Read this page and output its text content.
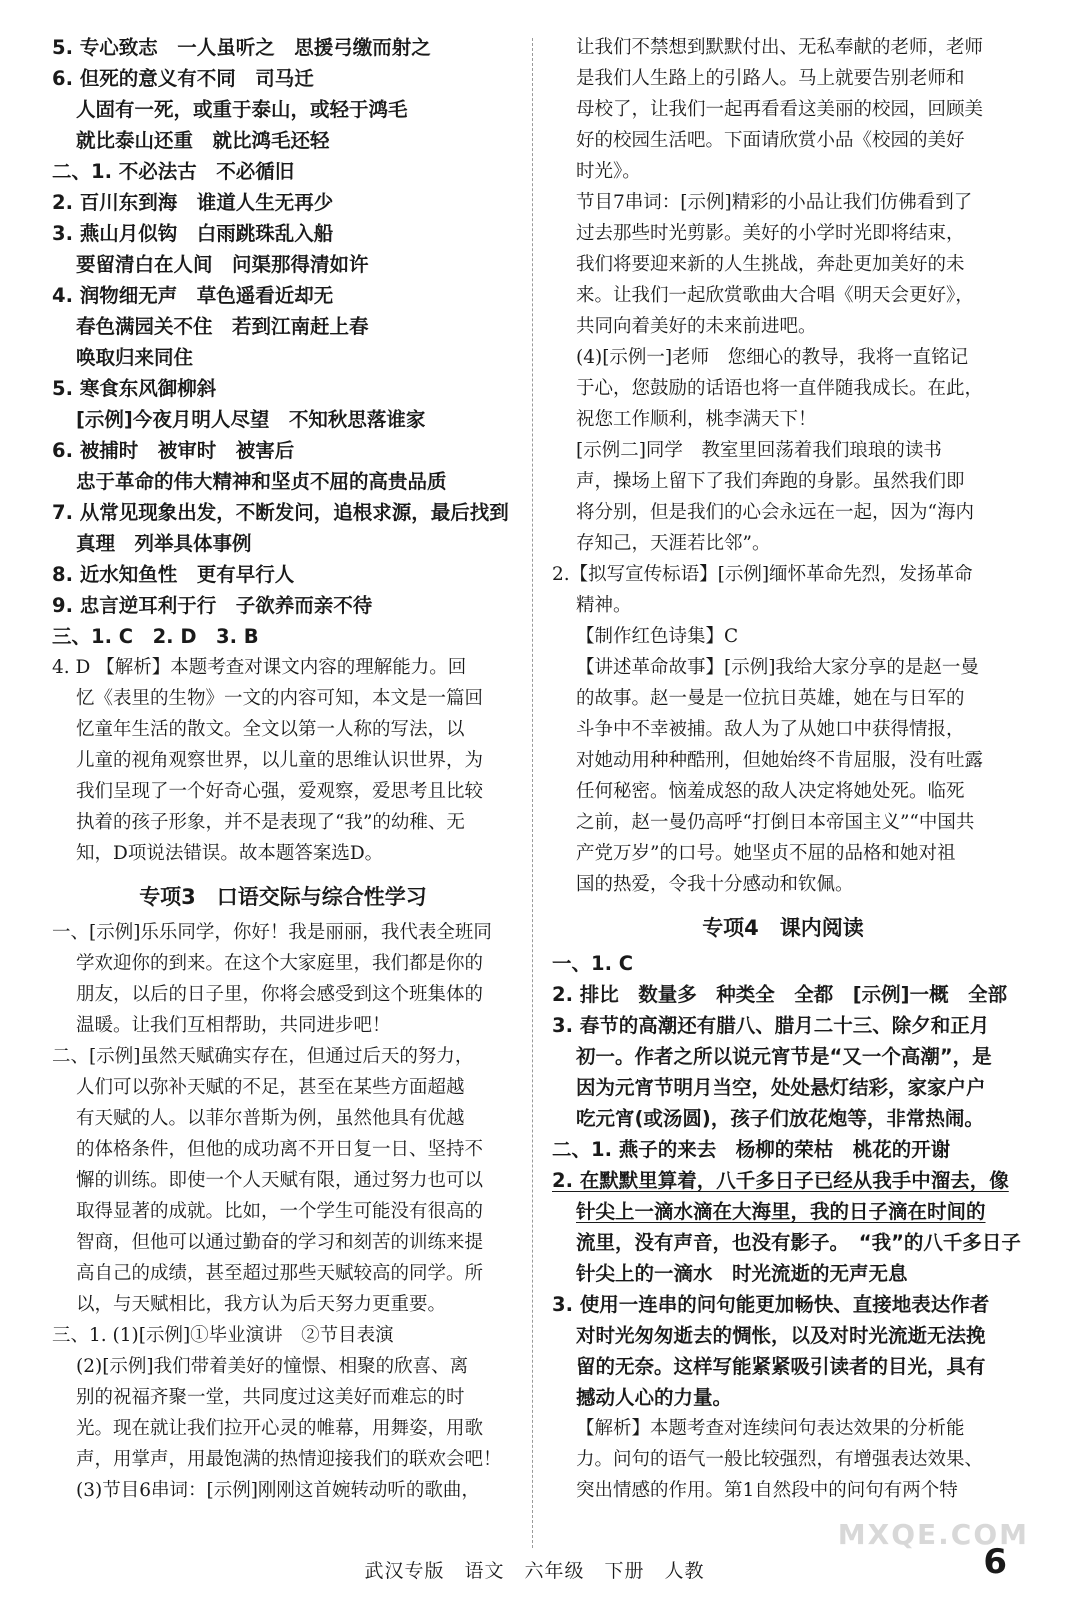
5. 专心致志　一人虽听之　思援弓缴而射之
6. 但死的意义有不同　司马迁
人固有一死，或重于泰山，或轻于鸿毛
就比泰山还重　就比鸿毛还轻
二、1. 不必法古　不必循旧
2. 百川东到海　谁道人生无再少
3. 燕山月似钩　白雨跳珠乱入船
要留清白在人间　问渠那得清如许
4. 润物细无声　草色遥看近却无
春色满园关不住　若到江南赶上春
唤取归来同住
5. 寒食东风御柳斜
[示例]今夜月明人尽望　不知秋思落谁家
6. 被捕时　被审时　被害后
忠于革命的伟大精神和坚贞不屈的高贵品质
7. 从常见现象出发，不断发问，追根求源，最后找到
真理　列举具体事例
8. 近水知鱼性　更有早行人
9. 忠言逆耳利于行　子欲养而亲不待
三、1. C　2. D　3. B
4. D 【解析】本题考查对课文内容的理解能力。回
忆《表里的生物》一文的内容可知，本文是一篇回
忆童年生活的散文。全文以第一人称的写法，以
儿童的视角观察世界，以儿童的思维认识世界，为
我们呈现了一个好奇心强，爱观察，爱思考且比较
执着的孩子形象，并不是表现了“我”的幼稚、无
知，D项说法错误。故本题答案选D。
专项3　口语交际与综合性学习
一、[示例]乐乐同学，你好！我是丽丽，我代表全班同
学欢迎你的到来。在这个大家庭里，我们都是你的
朋友，以后的日子里，你将会感受到这个班集体的
温暖。让我们互相帮助，共同进步吧！
二、[示例]虽然天赋确实存在，但通过后天的努力，
人们可以弥补天赋的不足，甚至在某些方面超越
有天赋的人。以菲尔普斯为例，虽然他具有优越
的体格条件，但他的成功离不开日复一日、坚持不
懈的训练。即使一个人天赋有限，通过努力也可以
取得显著的成就。比如，一个学生可能没有很高的
智商，但他可以通过勤奋的学习和刻苦的训练来提
高自己的成绩，甚至超过那些天赋较高的同学。所
以，与天赋相比，我方认为后天努力更重要。
三、1. (1)[示例]①毕业演讲　②节目表演
(2)[示例]我们带着美好的憧憬、相聚的欣喜、离
别的祝福齐聚一堂，共同度过这美好而难忘的时
光。现在就让我们拉开心灵的帷幕，用舞姿，用歌
声，用掌声，用最饱满的热情迎接我们的联欢会吧！
(3)节目6串词：[示例]刚刚这首婉转动听的歌曲，
让我们不禁想到默默付出、无私奉献的老师，老师
是我们人生路上的引路人。马上就要告别老师和
母校了，让我们一起再看看这美丽的校园，回顾美
好的校园生活吧。下面请欣赏小品《校园的美好
时光》。
节目7串词：[示例]精彩的小品让我们仿佛看到了
过去那些时光剪影。美好的小学时光即将结束，
我们将要迎来新的人生挑战，奔赴更加美好的未
来。让我们一起欣赏歌曲大合唱《明天会更好》，
共同向着美好的未来前进吧。
(4)[示例一]老师　您细心的教导，我将一直铭记
于心，您鼓励的话语也将一直伴随我成长。在此，
祝您工作顺利，桃李满天下！
[示例二]同学　教室里回荡着我们琅琅的读书
声，操场上留下了我们奔跑的身影。虽然我们即
将分别，但是我们的心会永远在一起，因为“海内
存知己，天涯若比邻”。
2.【拟写宣传标语】[示例]缅怀革命先烈，发扬革命
精神。
【制作红色诗集】C
【讲述革命故事】[示例]我给大家分享的是赵一曼
的故事。赵一曼是一位抗日英雄，她在与日军的
斗争中不幸被捕。敌人为了从她口中获得情报，
对她动用种种酷刑，但她始终不肯屈服，没有吐露
任何秘密。恼羞成怒的敌人决定将她处死。临死
之前，赵一曼仍高呼“打倒日本帝国主义”“中国共
产党万岁”的口号。她坚贞不屈的品格和她对祖
国的热爱，令我十分感动和钦佩。
专项4　课内阅读
一、1. C
2. 排比　数量多　种类全　全都　[示例]一概　全部
3. 春节的高潮还有腊八、腊月二十三、除夕和正月
初一。作者之所以说元宵节是“又一个高潮”，是
因为元宵节明月当空，处处悬灯结彩，家家户户
吃元宵(或汤圆)，孩子们放花炮等，非常热闹。
二、1. 燕子的来去　杨柳的荣枯　桃花的开谢
2. 在默默里算着，八千多日子已经从我手中溜去，像
针尖上一滴水滴在大海里，我的日子滴在时间的
流里，没有声音，也没有影子。　“我”的八千多日子
针尖上的一滴水　时光流逝的无声无息
3. 使用一连串的问句能更加畅快、直接地表达作者
对时光匆匆逝去的惆怅，以及对时光流逝无法挽
留的无奈。这样写能紧紧吸引读者的目光，具有
撼动人心的力量。
【解析】本题考查对连续问句表达效果的分析能
力。问句的语气一般比较强烈，有增强表达效果、
突出情感的作用。第1自然段中的问句有两个特
武汉专版　语文　六年级　下册　人教	6
MXQE.COM
